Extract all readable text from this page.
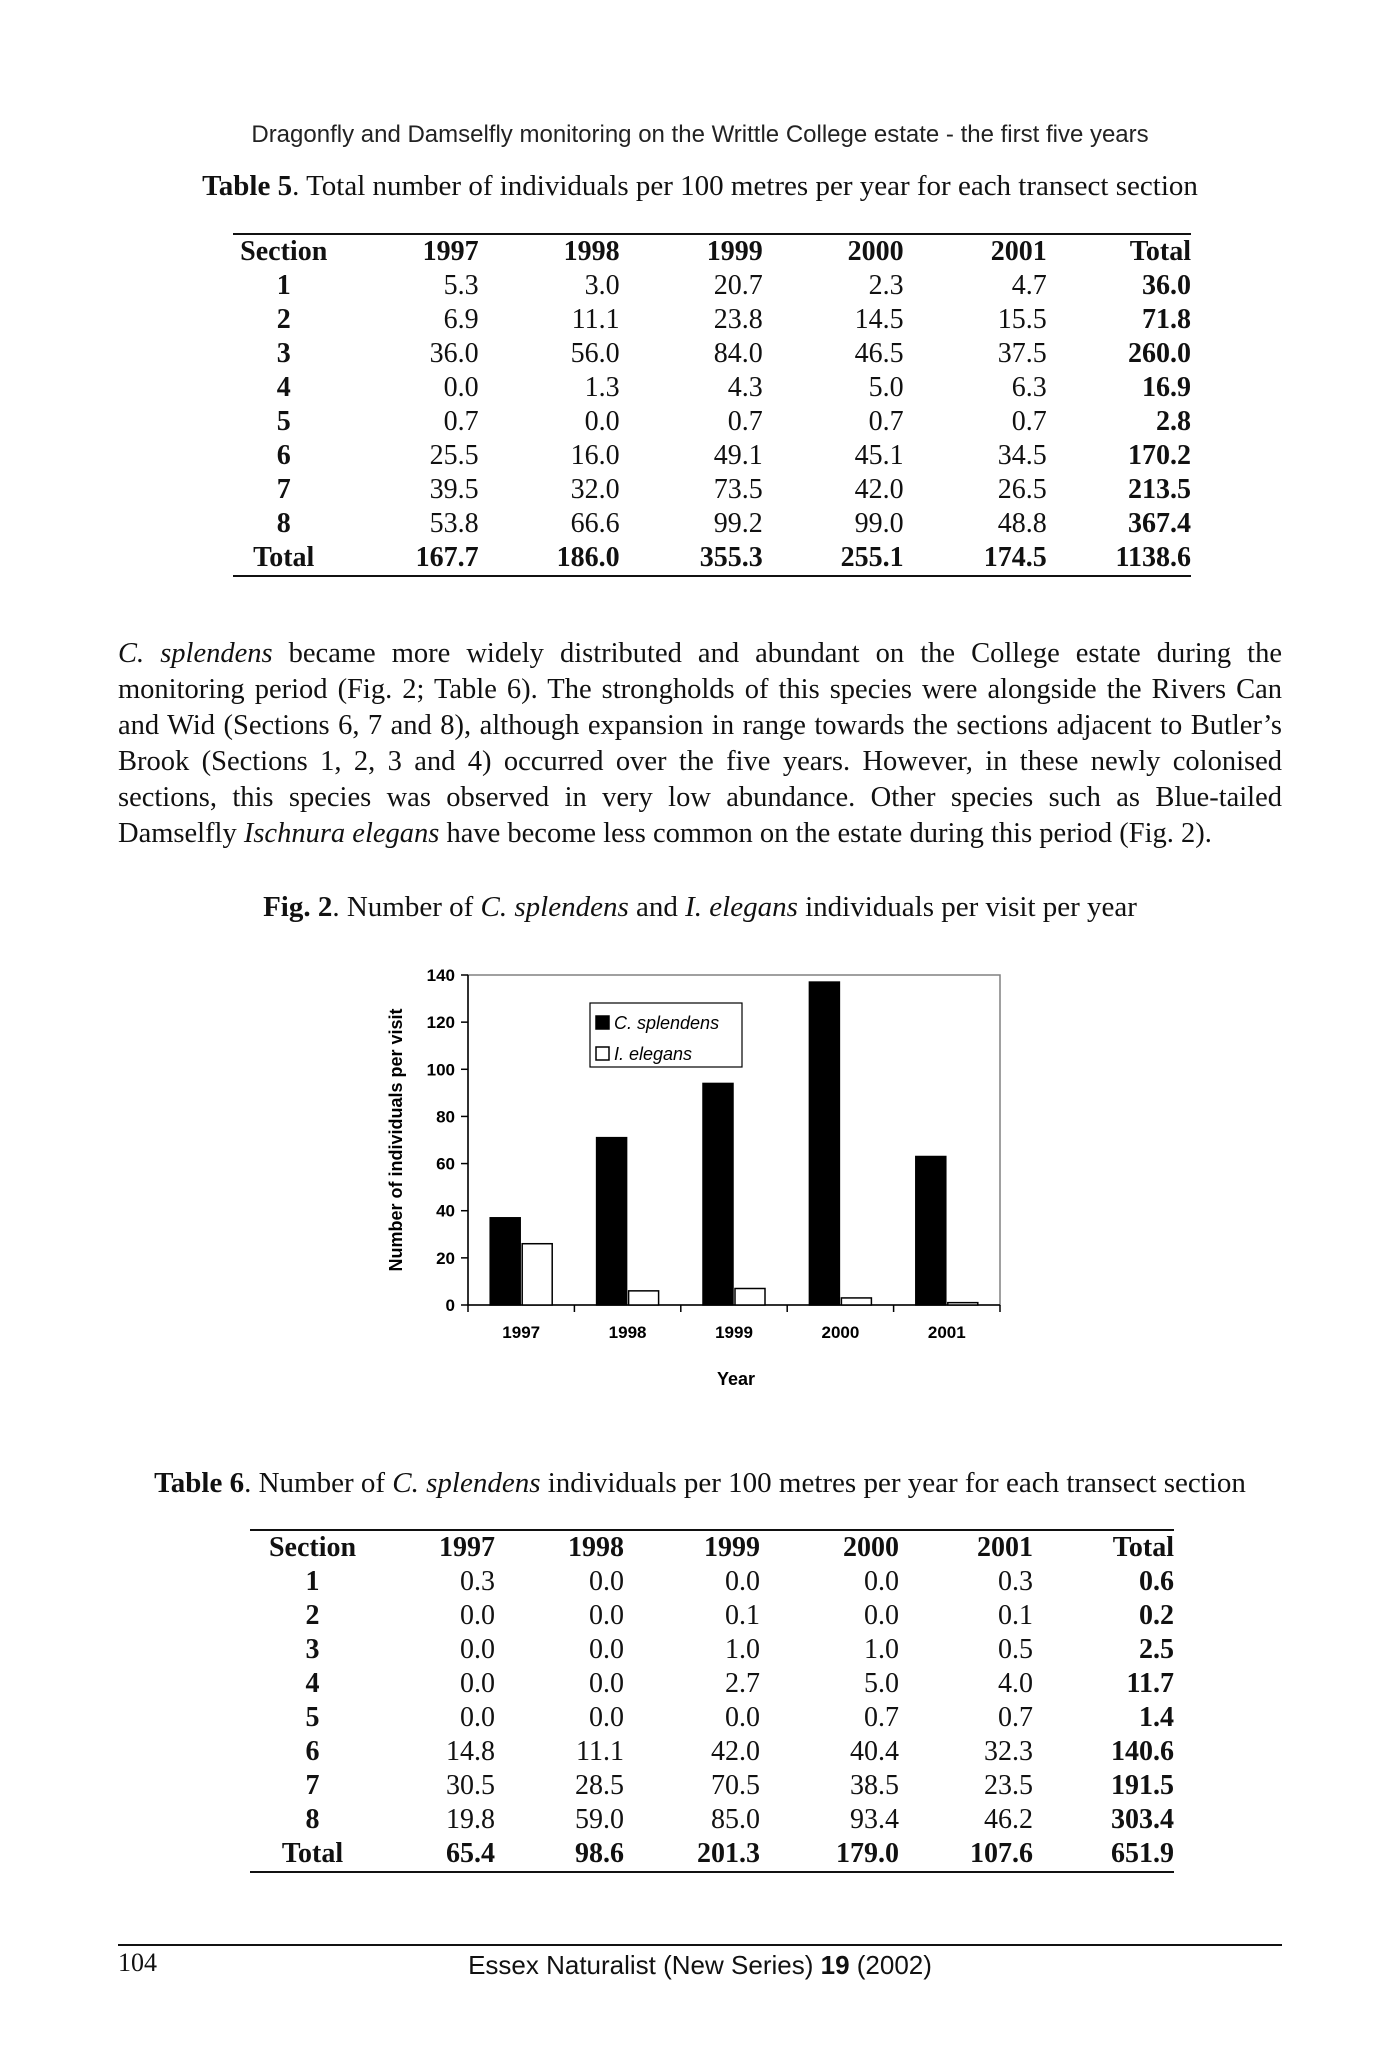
Dragonfly and Damselfly monitoring on the Writtle College estate - the first five years
Table 5. Total number of individuals per 100 metres per year for each transect section
Section	1997	1998	1999	2000	2001	Total
1	5.3	3.0	20.7	2.3	4.7	36.0
2	6.9	11.1	23.8	14.5	15.5	71.8
3	36.0	56.0	84.0	46.5	37.5	260.0
4	0.0	1.3	4.3	5.0	6.3	16.9
5	0.7	0.0	0.7	0.7	0.7	2.8
6	25.5	16.0	49.1	45.1	34.5	170.2
7	39.5	32.0	73.5	42.0	26.5	213.5
8	53.8	66.6	99.2	99.0	48.8	367.4
Total	167.7	186.0	355.3	255.1	174.5	1138.6
C. splendens became more widely distributed and abundant on the College estate during the monitoring period (Fig. 2; Table 6). The strongholds of this species were alongside the Rivers Can and Wid (Sections 6, 7 and 8), although expansion in range towards the sections adjacent to Butler’s Brook (Sections 1, 2, 3 and 4) occurred over the five years. However, in these newly colonised sections, this species was observed in very low abundance. Other species such as Blue-tailed Damselfly Ischnura elegans have become less common on the estate during this period (Fig. 2).
Fig. 2. Number of C. splendens and I. elegans individuals per visit per year
0
20
40
60
80
100
120
140
Number of individuals per visit
1997	1998	1999	2000	2001
Year
C. splendens
I. elegans
Table 6. Number of C. splendens individuals per 100 metres per year for each transect section
Section	1997	1998	1999	2000	2001	Total
1	0.3	0.0	0.0	0.0	0.3	0.6
2	0.0	0.0	0.1	0.0	0.1	0.2
3	0.0	0.0	1.0	1.0	0.5	2.5
4	0.0	0.0	2.7	5.0	4.0	11.7
5	0.0	0.0	0.0	0.7	0.7	1.4
6	14.8	11.1	42.0	40.4	32.3	140.6
7	30.5	28.5	70.5	38.5	23.5	191.5
8	19.8	59.0	85.0	93.4	46.2	303.4
Total	65.4	98.6	201.3	179.0	107.6	651.9
104	Essex Naturalist (New Series) 19 (2002)
